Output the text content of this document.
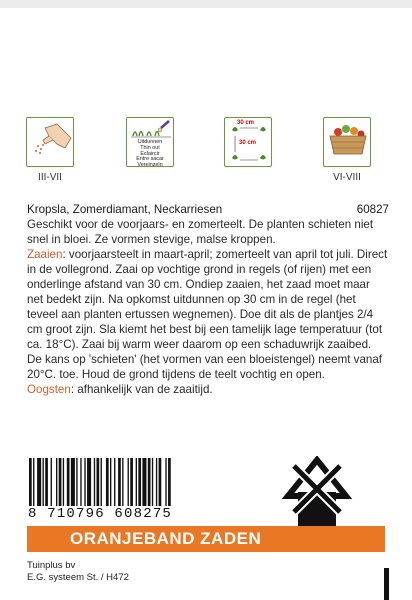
III-VII
Uitdunnen
Thin out
Eclaircir
Entre sacar
Vereinzeln
30 cm
30 cm
VI-VIII
Kropsla, Zomerdiamant, Neckarriesen	60827

Geschikt voor de voorjaars- en zomerteelt. De planten schieten niet snel in bloei. Ze vormen stevige, malse kroppen.

Zaaien: voorjaarsteelt in maart-april; zomerteelt van april tot juli. Direct in de vollegrond. Zaai op vochtige grond in regels (of rijen) met een onderlinge afstand van 30 cm. Ondiep zaaien, het zaad moet maar net bedekt zijn. Na opkomst uitdunnen op 30 cm in de regel (het teveel aan planten ertussen wegnemen). Doe dit als de plantjes 2/4 cm groot zijn. Sla kiemt het best bij een tamelijk lage temperatuur (tot ca. 18°C). Zaai bij warm weer daarom op een schaduwrijk zaaibed. De kans op 'schieten' (het vormen van een bloeistengel) neemt vanaf 20°C. toe. Houd de grond tijdens de teelt vochtig en open.

Oogsten: afhankelijk van de zaaitijd.

8 710796 608275
ORANJEBAND ZADEN
Tuinplus bv
E.G. systeem St. / H472
